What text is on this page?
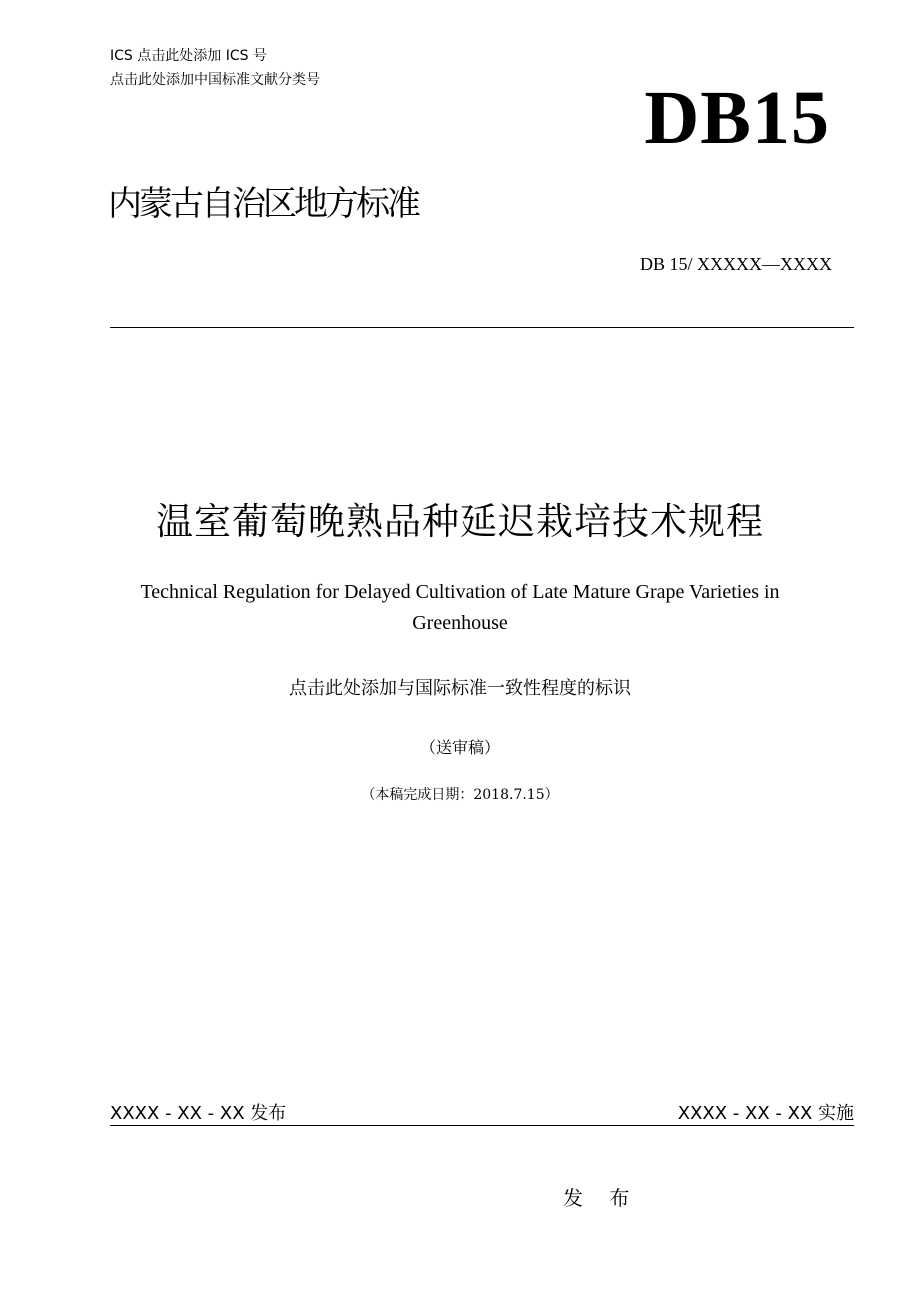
ICS 点击此处添加 ICS 号
点击此处添加中国标准文献分类号	DB15
内蒙古自治区地方标准
DB 15/ XXXXX—XXXX
温室葡萄晚熟品种延迟栽培技术规程
Technical Regulation for Delayed Cultivation of Late Mature Grape Varieties in Greenhouse
点击此处添加与国际标准一致性程度的标识
（送审稿）
（本稿完成日期：2018.7.15）
XXXX - XX - XX 发布	XXXX - XX - XX 实施
发 布
